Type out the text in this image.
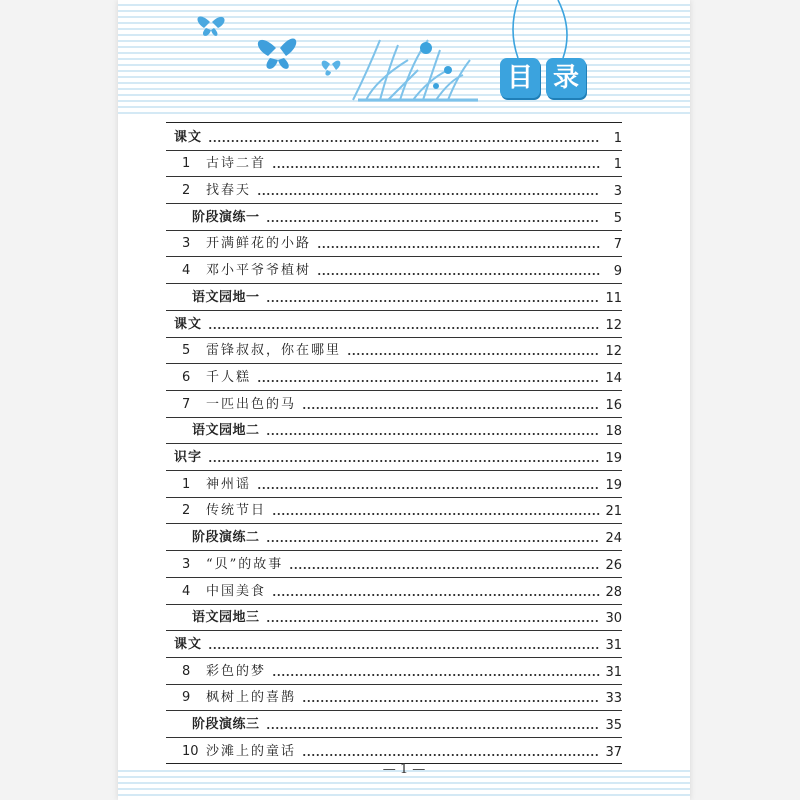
目 录
课文	1
1	古诗二首	1
2	找春天	3
阶段演练一	5
3	开满鲜花的小路	7
4	邓小平爷爷植树	9
语文园地一	11
课文	12
5	雷锋叔叔，你在哪里	12
6	千人糕	14
7	一匹出色的马	16
语文园地二	18
识字	19
1	神州谣	19
2	传统节日	21
阶段演练二	24
3	“贝”的故事	26
4	中国美食	28
语文园地三	30
课文	31
8	彩色的梦	31
9	枫树上的喜鹊	33
阶段演练三	35
10 沙滩上的童话	37
— 1 —
